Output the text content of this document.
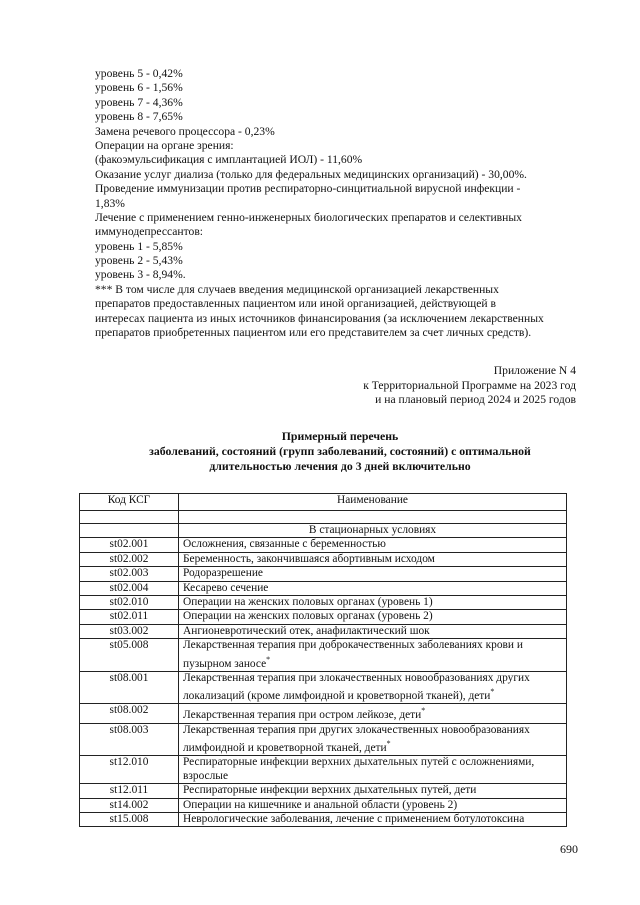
уровень 5 - 0,42%
уровень 6 - 1,56%
уровень 7 - 4,36%
уровень 8 - 7,65%
Замена речевого процессора - 0,23%
Операции на органе зрения:
(факоэмульсификация с имплантацией ИОЛ) - 11,60%
Оказание услуг диализа (только для федеральных медицинских организаций) - 30,00%.
Проведение иммунизации против респираторно-синцитиальной вирусной инфекции -
1,83%
Лечение с применением генно-инженерных биологических препаратов и селективных
иммунодепрессантов:
уровень 1 - 5,85%
уровень 2 - 5,43%
уровень 3 - 8,94%.
*** В том числе для случаев введения медицинской организацией лекарственных
препаратов предоставленных пациентом или иной организацией, действующей в
интересах пациента из иных источников финансирования (за исключением лекарственных
препаратов приобретенных пациентом или его представителем за счет личных средств).
Приложение N 4
к Территориальной Программе на 2023 год
и на плановый период 2024 и 2025 годов
Примерный перечень
заболеваний, состояний (групп заболеваний, состояний) с оптимальной
длительностью лечения до 3 дней включительно
Код КСГ	Наименование

	В стационарных условиях
st02.001	Осложнения, связанные с беременностью
st02.002	Беременность, закончившаяся абортивным исходом
st02.003	Родоразрешение
st02.004	Кесарево сечение
st02.010	Операции на женских половых органах (уровень 1)
st02.011	Операции на женских половых органах (уровень 2)
st03.002	Ангионевротический отек, анафилактический шок
st05.008	Лекарственная терапия при доброкачественных заболеваниях крови и пузырном заносе*
st08.001	Лекарственная терапия при злокачественных новообразованиях других локализаций (кроме лимфоидной и кроветворной тканей), дети*
st08.002	Лекарственная терапия при остром лейкозе, дети*
st08.003	Лекарственная терапия при других злокачественных новообразованиях лимфоидной и кроветворной тканей, дети*
st12.010	Респираторные инфекции верхних дыхательных путей с осложнениями, взрослые
st12.011	Респираторные инфекции верхних дыхательных путей, дети
st14.002	Операции на кишечнике и анальной области (уровень 2)
st15.008	Неврологические заболевания, лечение с применением ботулотоксина
690
